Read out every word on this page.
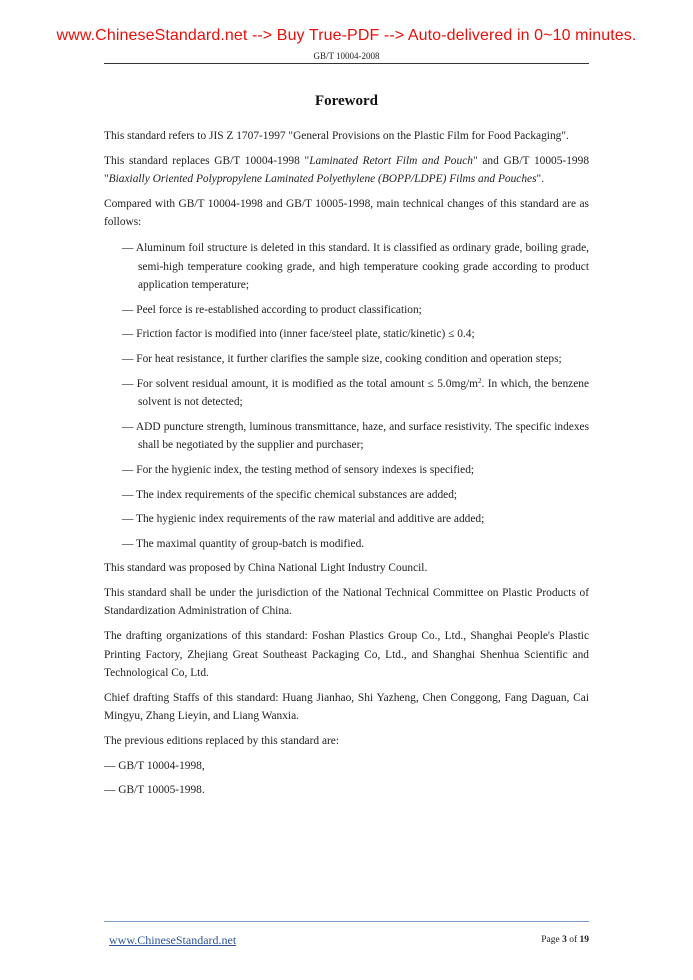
www.ChineseStandard.net --> Buy True-PDF --> Auto-delivered in 0~10 minutes.
GB/T 10004-2008
Foreword

This standard refers to JIS Z 1707-1997 "General Provisions on the Plastic Film for Food Packaging".

This standard replaces GB/T 10004-1998 "Laminated Retort Film and Pouch" and GB/T 10005-1998 "Biaxially Oriented Polypropylene Laminated Polyethylene (BOPP/LDPE) Films and Pouches".

Compared with GB/T 10004-1998 and GB/T 10005-1998, main technical changes of this standard are as follows:

— Aluminum foil structure is deleted in this standard. It is classified as ordinary grade, boiling grade, semi-high temperature cooking grade, and high temperature cooking grade according to product application temperature;
— Peel force is re-established according to product classification;
— Friction factor is modified into (inner face/steel plate, static/kinetic) ≤ 0.4;
— For heat resistance, it further clarifies the sample size, cooking condition and operation steps;
— For solvent residual amount, it is modified as the total amount ≤ $5.0mg/m^2$. In which, the benzene solvent is not detected;
— ADD puncture strength, luminous transmittance, haze, and surface resistivity. The specific indexes shall be negotiated by the supplier and purchaser;
— For the hygienic index, the testing method of sensory indexes is specified;
— The index requirements of the specific chemical substances are added;
— The hygienic index requirements of the raw material and additive are added;
— The maximal quantity of group-batch is modified.

This standard was proposed by China National Light Industry Council.

This standard shall be under the jurisdiction of the National Technical Committee on Plastic Products of Standardization Administration of China.

The drafting organizations of this standard: Foshan Plastics Group Co., Ltd., Shanghai People's Plastic Printing Factory, Zhejiang Great Southeast Packaging Co, Ltd., and Shanghai Shenhua Scientific and Technological Co, Ltd.

Chief drafting Staffs of this standard: Huang Jianhao, Shi Yazheng, Chen Conggong, Fang Daguan, Cai Mingyu, Zhang Lieyin, and Liang Wanxia.

The previous editions replaced by this standard are:

— GB/T 10004-1998,
— GB/T 10005-1998.
www.ChineseStandard.net	Page 3 of 19
